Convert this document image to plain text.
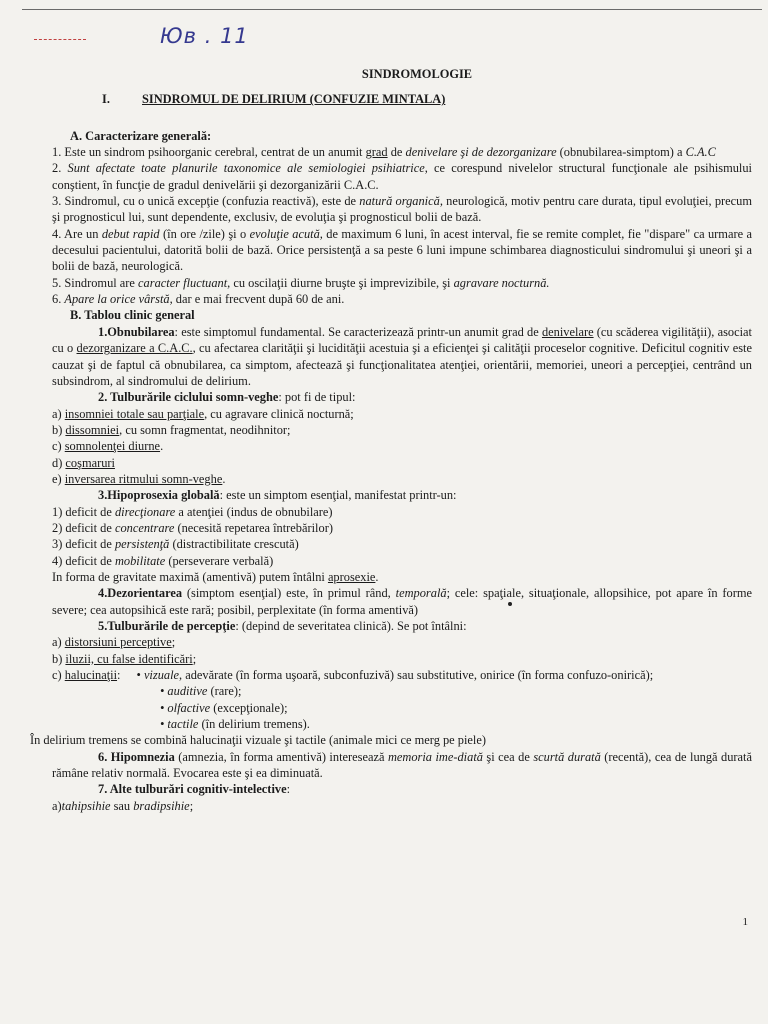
Юв . 11

SINDROMOLOGIE

I.	SINDROMUL DE DELIRIUM (CONFUZIE MINTALA)

A. Caracterizare generală:

1. Este un sindrom psihoorganic cerebral, centrat de un anumit grad de denivelare şi de dezorganizare (obnubilarea-simptom) a C.A.C

2. Sunt afectate toate planurile taxonomice ale semiologiei psihiatrice, ce corespund nivelelor structural funcţionale ale psihismului conştient, în funcţie de gradul denivelării şi dezorganizării C.A.C.

3. Sindromul, cu o unică excepţie (confuzia reactivă), este de natură organică, neurologică, motiv pentru care durata, tipul evoluţiei, precum şi prognosticul lui, sunt dependente, exclusiv, de evoluţia şi prognosticul bolii de bază.

4. Are un debut rapid (în ore /zile) şi o evoluţie acută, de maximum 6 luni, în acest interval, fie se remite complet, fie "dispare" ca urmare a decesului pacientului, datorită bolii de bază. Orice persistenţă a sa peste 6 luni impune schimbarea diagnosticului sindromului şi uneori şi a bolii de bază, neurologică.

5. Sindromul are caracter fluctuant, cu oscilaţii diurne bruşte şi imprevizibile, şi agravare nocturnă.

6. Apare la orice vârstă, dar e mai frecvent după 60 de ani.

B. Tablou clinic general

1.Obnubilarea: este simptomul fundamental. Se caracterizează printr-un anumit grad de denivelare (cu scăderea vigilităţii), asociat cu o dezorganizare a C.A.C., cu afectarea clarităţii şi lucidităţii acestuia şi a eficienţei şi calităţii proceselor cognitive. Deficitul cognitiv este cauzat şi de faptul că obnubilarea, ca simptom, afectează şi funcţionalitatea atenţiei, orientării, memoriei, uneori a percepţiei, centrând un subsindrom, al sindromului de delirium.

2. Tulburările ciclului somn-veghe: pot fi de tipul:

a) insomniei totale sau parţiale, cu agravare clinică nocturnă;

b) dissomniei, cu somn fragmentat, neodihnitor;

c) somnolenţei diurne.

d) coşmaruri

e) inversarea ritmului somn-veghe.

3.Hipoprosexia globală: este un simptom esenţial, manifestat printr-un:

1) deficit de direcţionare a atenţiei (indus de obnubilare)

2) deficit de concentrare (necesită repetarea întrebărilor)

3) deficit de persistenţă (distractibilitate crescută)

4) deficit de mobilitate (perseverare verbală)

In forma de gravitate maximă (amentivă) putem întâlni aprosexie.

4.Dezorientarea (simptom esenţial) este, în primul rând, temporală; cele: spaţiale, situaţionale, allopsihice, pot apare în forme severe; cea autopsihică este rară; posibil, perplexitate (în forma amentivă)

5.Tulburările de percepţie: (depind de severitatea clinică). Se pot întâlni:

a) distorsiuni perceptive;

b) iluzii, cu false identificări;

c) halucinaţii: • vizuale, adevărate (în forma uşoară, subconfuzivă) sau substitutive, onirice (în forma confuzo-onirică);

• auditive (rare);

• olfactive (excepţionale);

• tactile (în delirium tremens).

În delirium tremens se combină halucinaţii vizuale şi tactile (animale mici ce merg pe piele)

6. Hipomnezia (amnezia, în forma amentivă) interesează memoria ime-diată şi cea de scurtă durată (recentă), cea de lungă durată rămâne relativ normală. Evocarea este şi ea diminuată.

7. Alte tulburări cognitiv-intelective:

a)tahipsihie sau bradipsihie;

1
